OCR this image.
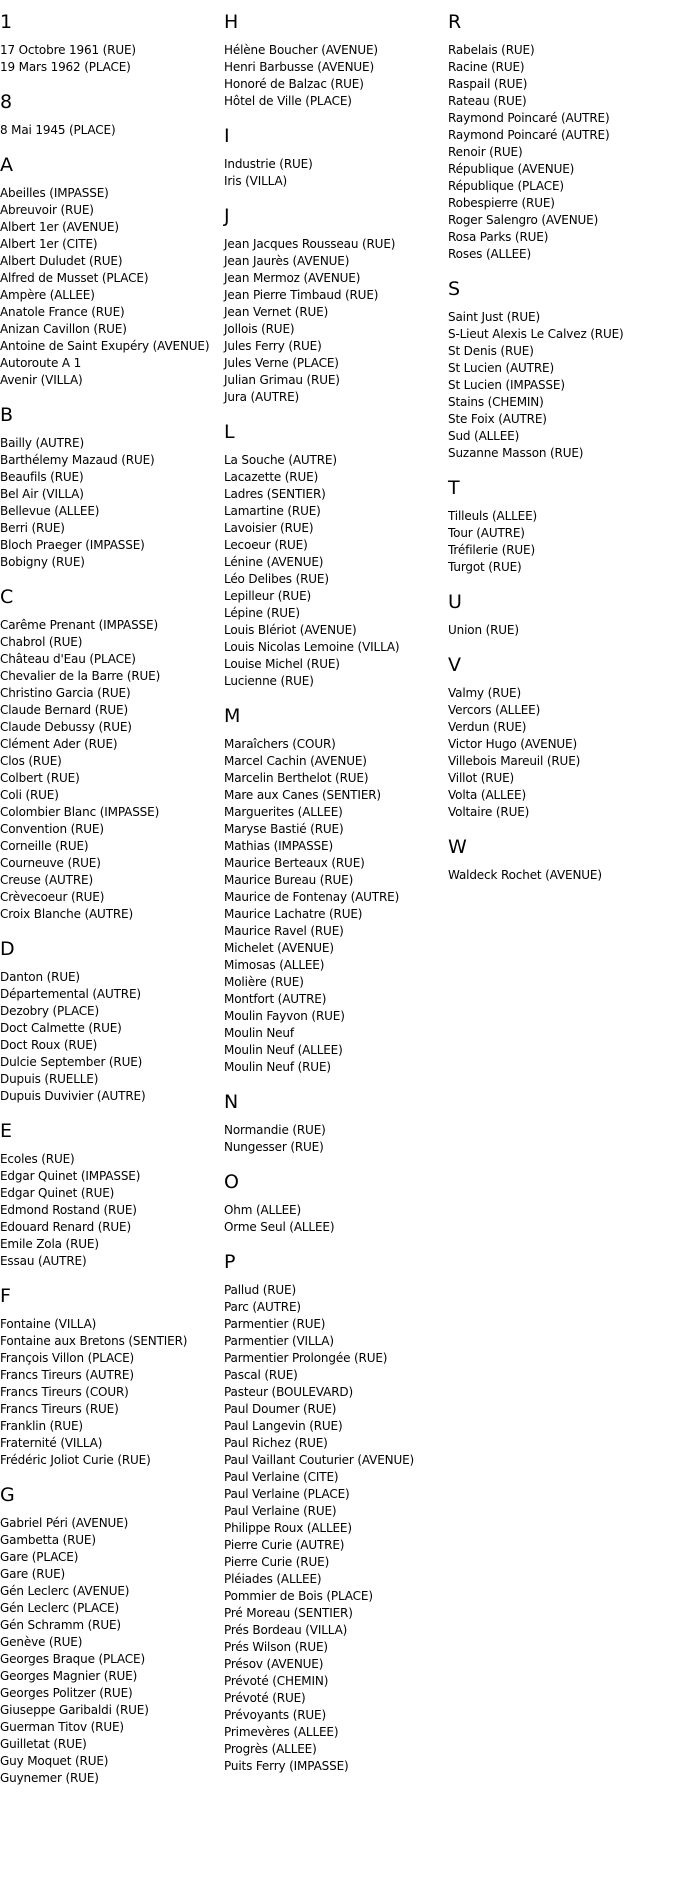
1
17 Octobre 1961 (RUE)
19 Mars 1962 (PLACE)
8
8 Mai 1945 (PLACE)
A
Abeilles (IMPASSE)
Abreuvoir (RUE)
Albert 1er (AVENUE)
Albert 1er (CITE)
Albert Duludet (RUE)
Alfred de Musset (PLACE)
Ampère (ALLEE)
Anatole France (RUE)
Anizan Cavillon (RUE)
Antoine de Saint Exupéry (AVENUE)
Autoroute A 1
Avenir (VILLA)
B
Bailly (AUTRE)
Barthélemy Mazaud (RUE)
Beaufils (RUE)
Bel Air (VILLA)
Bellevue (ALLEE)
Berri (RUE)
Bloch Praeger (IMPASSE)
Bobigny (RUE)
C
Carême Prenant (IMPASSE)
Chabrol (RUE)
Château d'Eau (PLACE)
Chevalier de la Barre (RUE)
Christino Garcia (RUE)
Claude Bernard (RUE)
Claude Debussy (RUE)
Clément Ader (RUE)
Clos (RUE)
Colbert (RUE)
Coli (RUE)
Colombier Blanc (IMPASSE)
Convention (RUE)
Corneille (RUE)
Courneuve (RUE)
Creuse (AUTRE)
Crèvecoeur (RUE)
Croix Blanche (AUTRE)
D
Danton (RUE)
Départemental (AUTRE)
Dezobry (PLACE)
Doct Calmette (RUE)
Doct Roux (RUE)
Dulcie September (RUE)
Dupuis (RUELLE)
Dupuis Duvivier (AUTRE)
E
Ecoles (RUE)
Edgar Quinet (IMPASSE)
Edgar Quinet (RUE)
Edmond Rostand (RUE)
Edouard Renard (RUE)
Emile Zola (RUE)
Essau (AUTRE)
F
Fontaine (VILLA)
Fontaine aux Bretons (SENTIER)
François Villon (PLACE)
Francs Tireurs (AUTRE)
Francs Tireurs (COUR)
Francs Tireurs (RUE)
Franklin (RUE)
Fraternité (VILLA)
Frédéric Joliot Curie (RUE)
G
Gabriel Péri (AVENUE)
Gambetta (RUE)
Gare (PLACE)
Gare (RUE)
Gén Leclerc (AVENUE)
Gén Leclerc (PLACE)
Gén Schramm (RUE)
Genève (RUE)
Georges Braque (PLACE)
Georges Magnier (RUE)
Georges Politzer (RUE)
Giuseppe Garibaldi (RUE)
Guerman Titov (RUE)
Guilletat (RUE)
Guy Moquet (RUE)
Guynemer (RUE)
H
Hélène Boucher (AVENUE)
Henri Barbusse (AVENUE)
Honoré de Balzac (RUE)
Hôtel de Ville (PLACE)
I
Industrie (RUE)
Iris (VILLA)
J
Jean Jacques Rousseau (RUE)
Jean Jaurès (AVENUE)
Jean Mermoz (AVENUE)
Jean Pierre Timbaud (RUE)
Jean Vernet (RUE)
Jollois (RUE)
Jules Ferry (RUE)
Jules Verne (PLACE)
Julian Grimau (RUE)
Jura (AUTRE)
L
La Souche (AUTRE)
Lacazette (RUE)
Ladres (SENTIER)
Lamartine (RUE)
Lavoisier (RUE)
Lecoeur (RUE)
Lénine (AVENUE)
Léo Delibes (RUE)
Lepilleur (RUE)
Lépine (RUE)
Louis Blériot (AVENUE)
Louis Nicolas Lemoine (VILLA)
Louise Michel (RUE)
Lucienne (RUE)
M
Maraîchers (COUR)
Marcel Cachin (AVENUE)
Marcelin Berthelot (RUE)
Mare aux Canes (SENTIER)
Marguerites (ALLEE)
Maryse Bastié (RUE)
Mathias (IMPASSE)
Maurice Berteaux (RUE)
Maurice Bureau (RUE)
Maurice de Fontenay (AUTRE)
Maurice Lachatre (RUE)
Maurice Ravel (RUE)
Michelet (AVENUE)
Mimosas (ALLEE)
Molière (RUE)
Montfort (AUTRE)
Moulin Fayvon (RUE)
Moulin Neuf
Moulin Neuf (ALLEE)
Moulin Neuf (RUE)
N
Normandie (RUE)
Nungesser (RUE)
O
Ohm (ALLEE)
Orme Seul (ALLEE)
P
Pallud (RUE)
Parc (AUTRE)
Parmentier (RUE)
Parmentier (VILLA)
Parmentier Prolongée (RUE)
Pascal (RUE)
Pasteur (BOULEVARD)
Paul Doumer (RUE)
Paul Langevin (RUE)
Paul Richez (RUE)
Paul Vaillant Couturier (AVENUE)
Paul Verlaine (CITE)
Paul Verlaine (PLACE)
Paul Verlaine (RUE)
Philippe Roux (ALLEE)
Pierre Curie (AUTRE)
Pierre Curie (RUE)
Pléiades (ALLEE)
Pommier de Bois (PLACE)
Pré Moreau (SENTIER)
Prés Bordeau (VILLA)
Prés Wilson (RUE)
Présov (AVENUE)
Prévoté (CHEMIN)
Prévoté (RUE)
Prévoyants (RUE)
Primevères (ALLEE)
Progrès (ALLEE)
Puits Ferry (IMPASSE)
R
Rabelais (RUE)
Racine (RUE)
Raspail (RUE)
Rateau (RUE)
Raymond Poincaré (AUTRE)
Raymond Poincaré (AUTRE)
Renoir (RUE)
République (AVENUE)
République (PLACE)
Robespierre (RUE)
Roger Salengro (AVENUE)
Rosa Parks (RUE)
Roses (ALLEE)
S
Saint Just (RUE)
S-Lieut Alexis Le Calvez (RUE)
St Denis (RUE)
St Lucien (AUTRE)
St Lucien (IMPASSE)
Stains (CHEMIN)
Ste Foix (AUTRE)
Sud (ALLEE)
Suzanne Masson (RUE)
T
Tilleuls (ALLEE)
Tour (AUTRE)
Tréfilerie (RUE)
Turgot (RUE)
U
Union (RUE)
V
Valmy (RUE)
Vercors (ALLEE)
Verdun (RUE)
Victor Hugo (AVENUE)
Villebois Mareuil (RUE)
Villot (RUE)
Volta (ALLEE)
Voltaire (RUE)
W
Waldeck Rochet (AVENUE)
